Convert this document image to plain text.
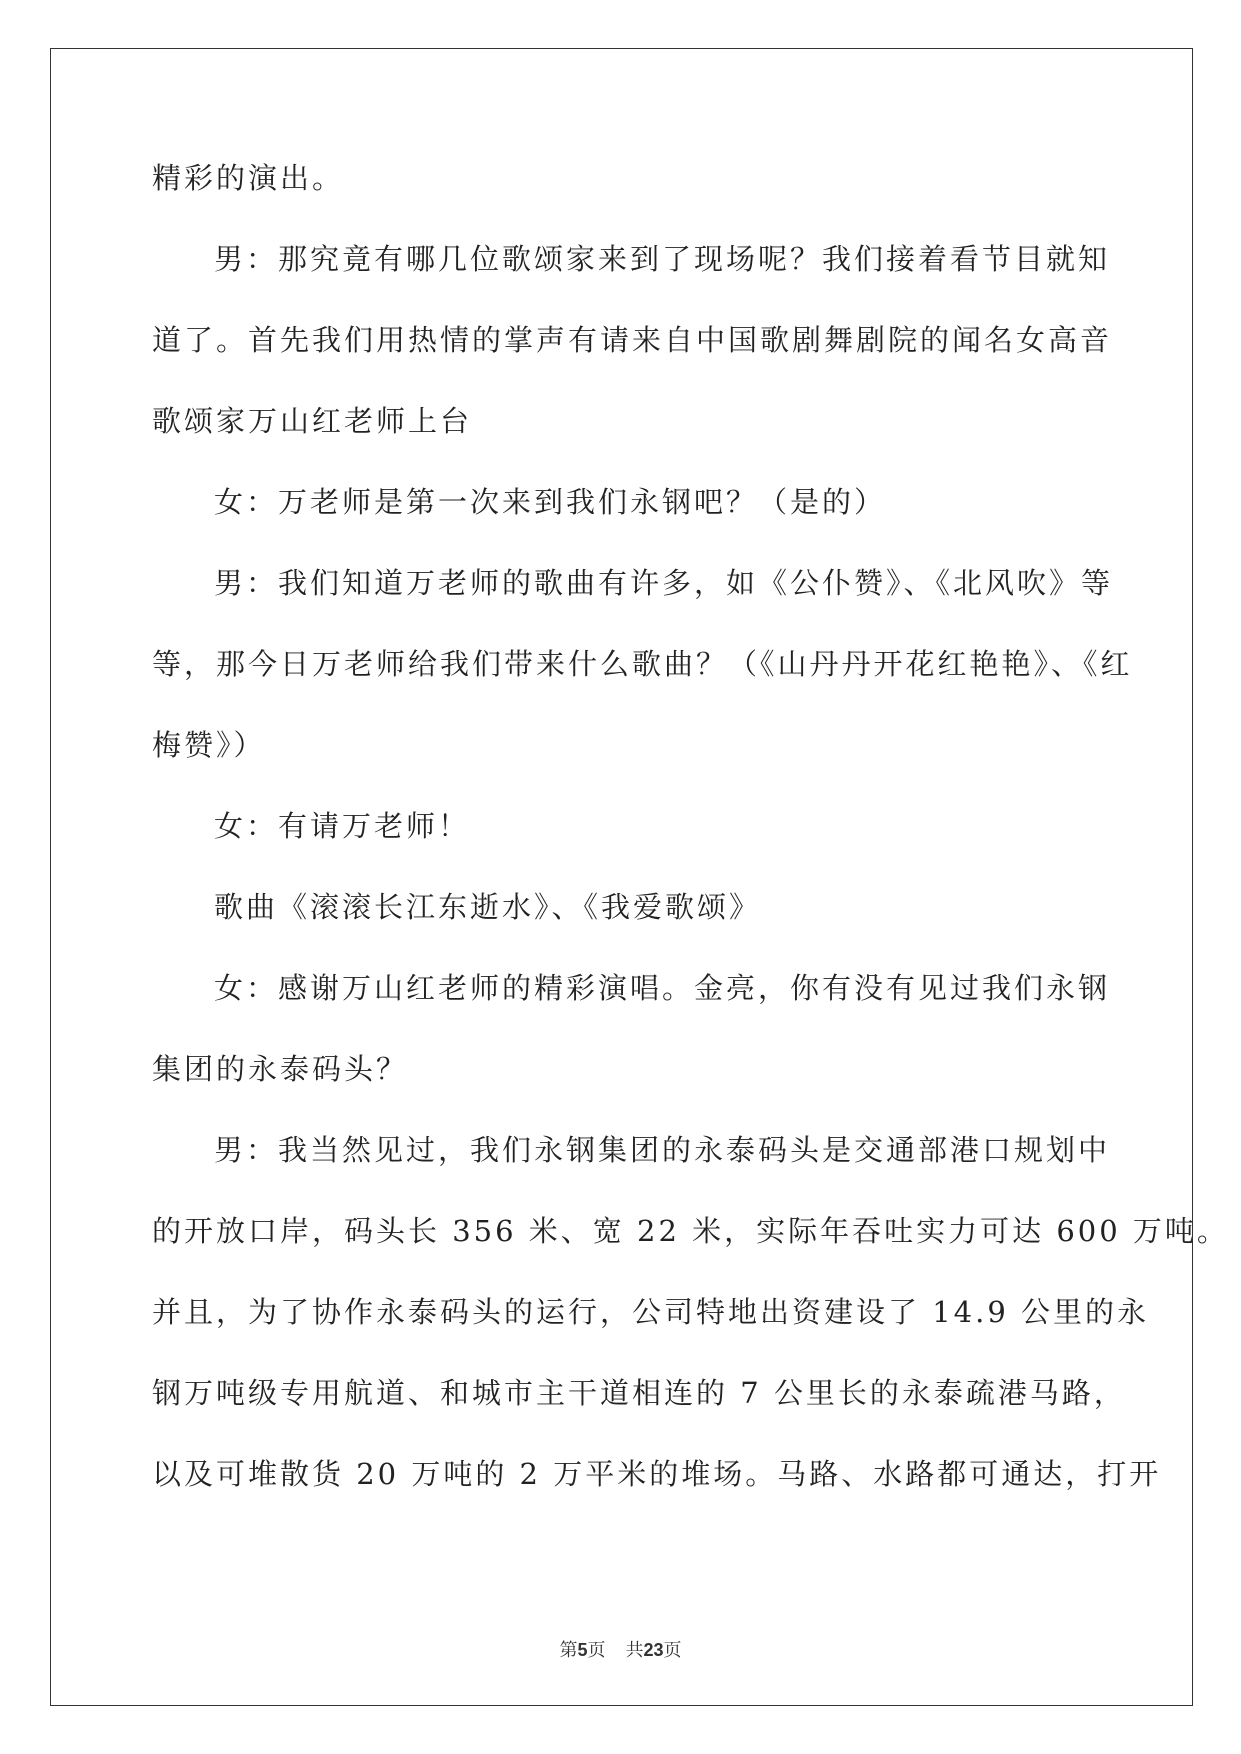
精彩的演出。
男：那究竟有哪几位歌颂家来到了现场呢？我们接着看节目就知
道了。首先我们用热情的掌声有请来自中国歌剧舞剧院的闻名女高音
歌颂家万山红老师上台
女：万老师是第一次来到我们永钢吧？（是的）
男：我们知道万老师的歌曲有许多，如《公仆赞》、《北风吹》等
等，那今日万老师给我们带来什么歌曲？（《山丹丹开花红艳艳》、《红
梅赞》）
女：有请万老师！
歌曲《滚滚长江东逝水》、《我爱歌颂》
女：感谢万山红老师的精彩演唱。金亮，你有没有见过我们永钢
集团的永泰码头？
男：我当然见过，我们永钢集团的永泰码头是交通部港口规划中
的开放口岸，码头长 356 米、宽 22 米，实际年吞吐实力可达 600 万吨。
并且，为了协作永泰码头的运行，公司特地出资建设了 14.9 公里的永
钢万吨级专用航道、和城市主干道相连的 7 公里长的永泰疏港马路，
以及可堆散货 20 万吨的 2 万平米的堆场。马路、水路都可通达，打开
第5页 共23页
